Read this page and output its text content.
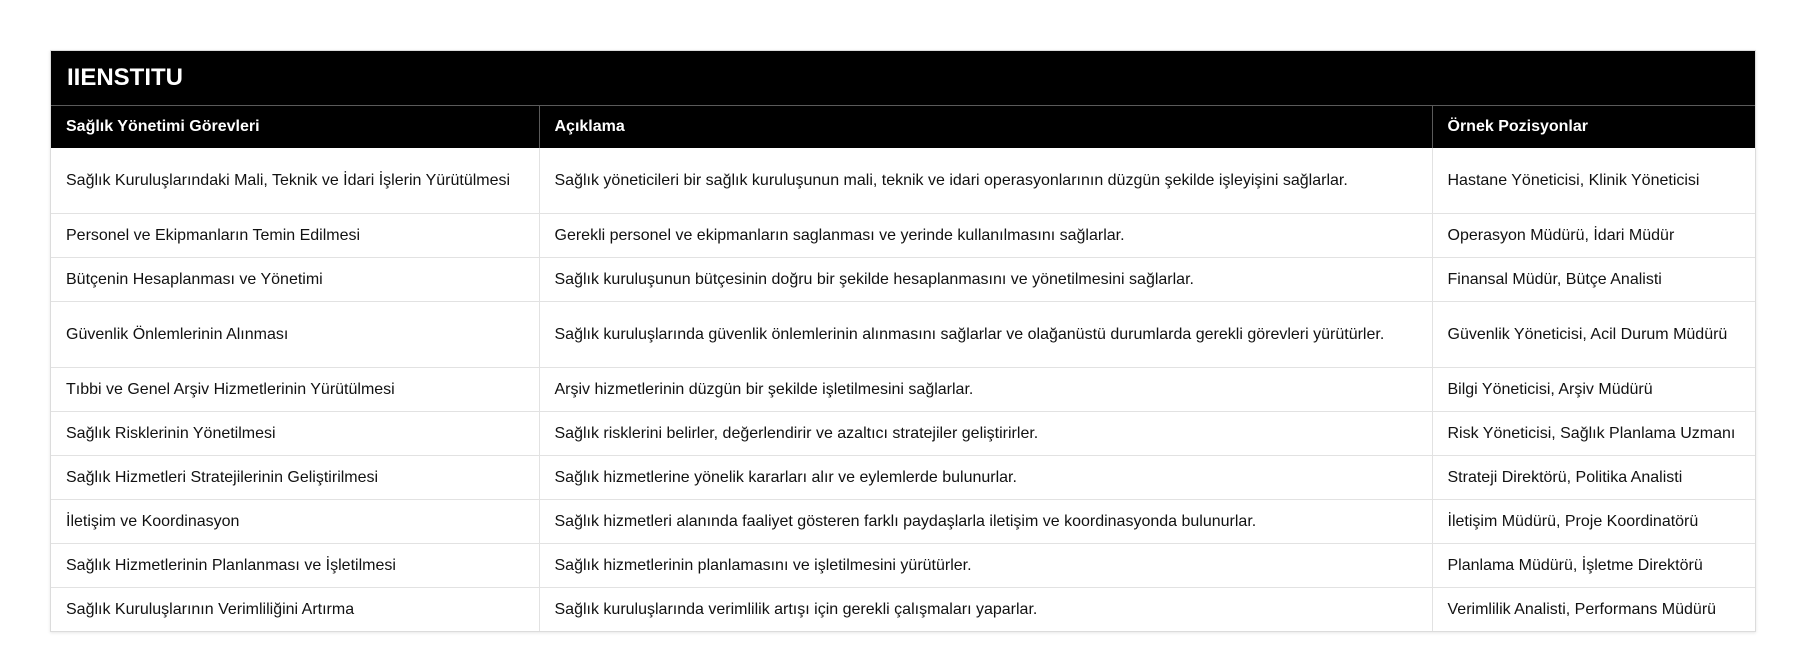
IIENSTITU
Sağlık Yönetimi Görevleri	Açıklama	Örnek Pozisyonlar
Sağlık Kuruluşlarındaki Mali, Teknik ve İdari İşlerin Yürütülmesi	Sağlık yöneticileri bir sağlık kuruluşunun mali, teknik ve idari operasyonlarının düzgün şekilde işleyişini sağlarlar.	Hastane Yöneticisi, Klinik Yöneticisi
Personel ve Ekipmanların Temin Edilmesi	Gerekli personel ve ekipmanların saglanması ve yerinde kullanılmasını sağlarlar.	Operasyon Müdürü, İdari Müdür
Bütçenin Hesaplanması ve Yönetimi	Sağlık kuruluşunun bütçesinin doğru bir şekilde hesaplanmasını ve yönetilmesini sağlarlar.	Finansal Müdür, Bütçe Analisti
Güvenlik Önlemlerinin Alınması	Sağlık kuruluşlarında güvenlik önlemlerinin alınmasını sağlarlar ve olağanüstü durumlarda gerekli görevleri yürütürler.	Güvenlik Yöneticisi, Acil Durum Müdürü
Tıbbi ve Genel Arşiv Hizmetlerinin Yürütülmesi	Arşiv hizmetlerinin düzgün bir şekilde işletilmesini sağlarlar.	Bilgi Yöneticisi, Arşiv Müdürü
Sağlık Risklerinin Yönetilmesi	Sağlık risklerini belirler, değerlendirir ve azaltıcı stratejiler geliştirirler.	Risk Yöneticisi, Sağlık Planlama Uzmanı
Sağlık Hizmetleri Stratejilerinin Geliştirilmesi	Sağlık hizmetlerine yönelik kararları alır ve eylemlerde bulunurlar.	Strateji Direktörü, Politika Analisti
İletişim ve Koordinasyon	Sağlık hizmetleri alanında faaliyet gösteren farklı paydaşlarla iletişim ve koordinasyonda bulunurlar.	İletişim Müdürü, Proje Koordinatörü
Sağlık Hizmetlerinin Planlanması ve İşletilmesi	Sağlık hizmetlerinin planlamasını ve işletilmesini yürütürler.	Planlama Müdürü, İşletme Direktörü
Sağlık Kuruluşlarının Verimliliğini Artırma	Sağlık kuruluşlarında verimlilik artışı için gerekli çalışmaları yaparlar.	Verimlilik Analisti, Performans Müdürü
